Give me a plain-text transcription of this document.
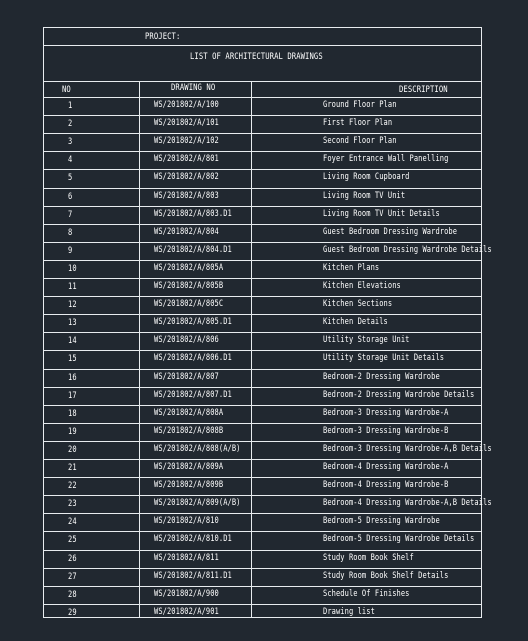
PROJECT:
LIST OF ARCHITECTURAL DRAWINGS
NO	DRAWING NO	DESCRIPTION
1	WS/201802/A/100	Ground Floor Plan
2	WS/201802/A/101	First Floor Plan
3	WS/201802/A/102	Second Floor Plan
4	WS/201802/A/801	Foyer Entrance Wall Panelling
5	WS/201802/A/802	Living Room Cupboard
6	WS/201802/A/803	Living Room TV Unit
7	WS/201802/A/803.D1	Living Room TV Unit Details
8	WS/201802/A/804	Guest Bedroom Dressing Wardrobe
9	WS/201802/A/804.D1	Guest Bedroom Dressing Wardrobe Details
10	WS/201802/A/805A	Kitchen Plans
11	WS/201802/A/805B	Kitchen Elevations
12	WS/201802/A/805C	Kitchen Sections
13	WS/201802/A/805.D1	Kitchen Details
14	WS/201802/A/806	Utility Storage Unit
15	WS/201802/A/806.D1	Utility Storage Unit Details
16	WS/201802/A/807	Bedroom-2 Dressing Wardrobe
17	WS/201802/A/807.D1	Bedroom-2 Dressing Wardrobe Details
18	WS/201802/A/808A	Bedroom-3 Dressing Wardrobe-A
19	WS/201802/A/808B	Bedroom-3 Dressing Wardrobe-B
20	WS/201802/A/808(A/B)	Bedroom-3 Dressing Wardrobe-A,B Details
21	WS/201802/A/809A	Bedroom-4 Dressing Wardrobe-A
22	WS/201802/A/809B	Bedroom-4 Dressing Wardrobe-B
23	WS/201802/A/809(A/B)	Bedroom-4 Dressing Wardrobe-A,B Details
24	WS/201802/A/810	Bedroom-5 Dressing Wardrobe
25	WS/201802/A/810.D1	Bedroom-5 Dressing Wardrobe Details
26	WS/201802/A/811	Study Room Book Shelf
27	WS/201802/A/811.D1	Study Room Book Shelf Details
28	WS/201802/A/900	Schedule Of Finishes
29	WS/201802/A/901	Drawing list
